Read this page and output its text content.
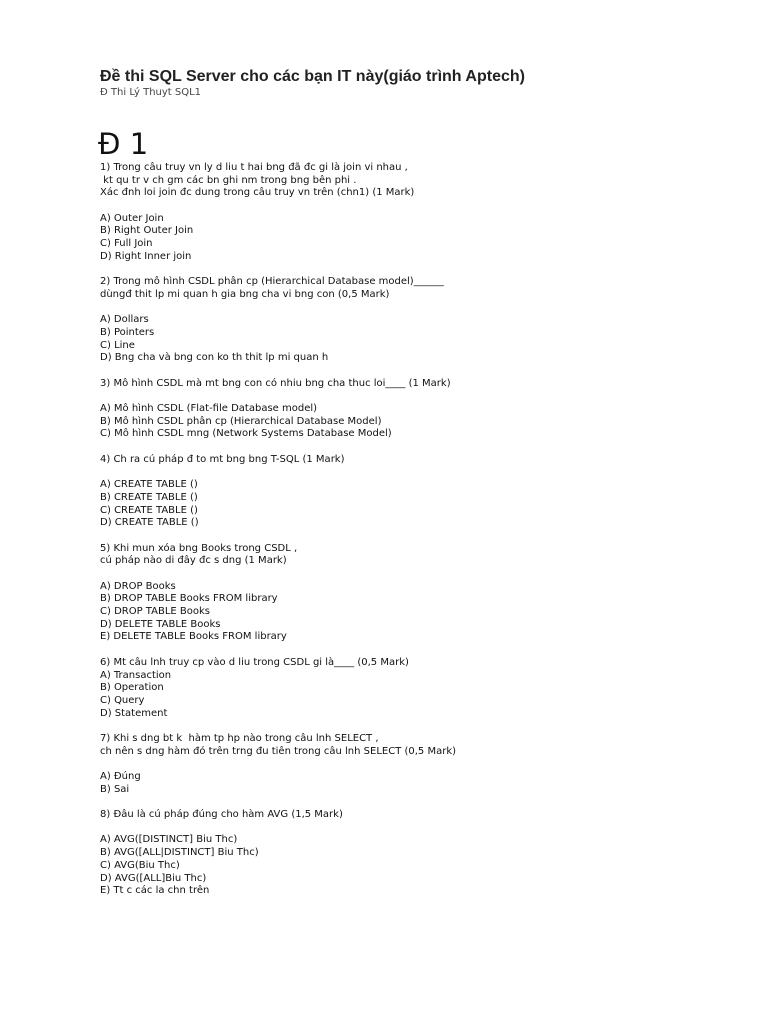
Đề thi SQL Server cho các bạn IT này(giáo trình Aptech)
Đ Thi Lý Thuyt SQL1
Đ 1
1) Trong câu truy vn ly d liu t hai bng đã đc gi là join vi nhau ,
kt qu tr v ch gm các bn ghi nm trong bng bên phi .
Xác đnh loi join đc dung trong câu truy vn trên (chn1) (1 Mark)
A) Outer Join
B) Right Outer Join
C) Full Join
D) Right Inner join
2) Trong mô hình CSDL phân cp (Hierarchical Database model)______
dùngđ thit lp mi quan h gia bng cha vi bng con (0,5 Mark)
A) Dollars
B) Pointers
C) Line
D) Bng cha và bng con ko th thit lp mi quan h
3) Mô hình CSDL mà mt bng con có nhiu bng cha thuc loi____ (1 Mark)
A) Mô hình CSDL (Flat-file Database model)
B) Mô hình CSDL phân cp (Hierarchical Database Model)
C) Mô hình CSDL mng (Network Systems Database Model)
4) Ch ra cú pháp đ to mt bng bng T-SQL (1 Mark)
A) CREATE TABLE ()
B) CREATE TABLE ()
C) CREATE TABLE ()
D) CREATE TABLE ()
5) Khi mun xóa bng Books trong CSDL ,
cú pháp nào di đây đc s dng (1 Mark)
A) DROP Books
B) DROP TABLE Books FROM library
C) DROP TABLE Books
D) DELETE TABLE Books
E) DELETE TABLE Books FROM library
6) Mt câu lnh truy cp vào d liu trong CSDL gi là____ (0,5 Mark)
A) Transaction
B) Operation
C) Query
D) Statement
7) Khi s dng bt k  hàm tp hp nào trong câu lnh SELECT ,
ch nên s dng hàm đó trên trng đu tiên trong câu lnh SELECT (0,5 Mark)
A) Đúng
B) Sai
8) Đâu là cú pháp đúng cho hàm AVG (1,5 Mark)
A) AVG([DISTINCT] Biu Thc)
B) AVG([ALL|DISTINCT] Biu Thc)
C) AVG(Biu Thc)
D) AVG([ALL]Biu Thc)
E) Tt c các la chn trên
